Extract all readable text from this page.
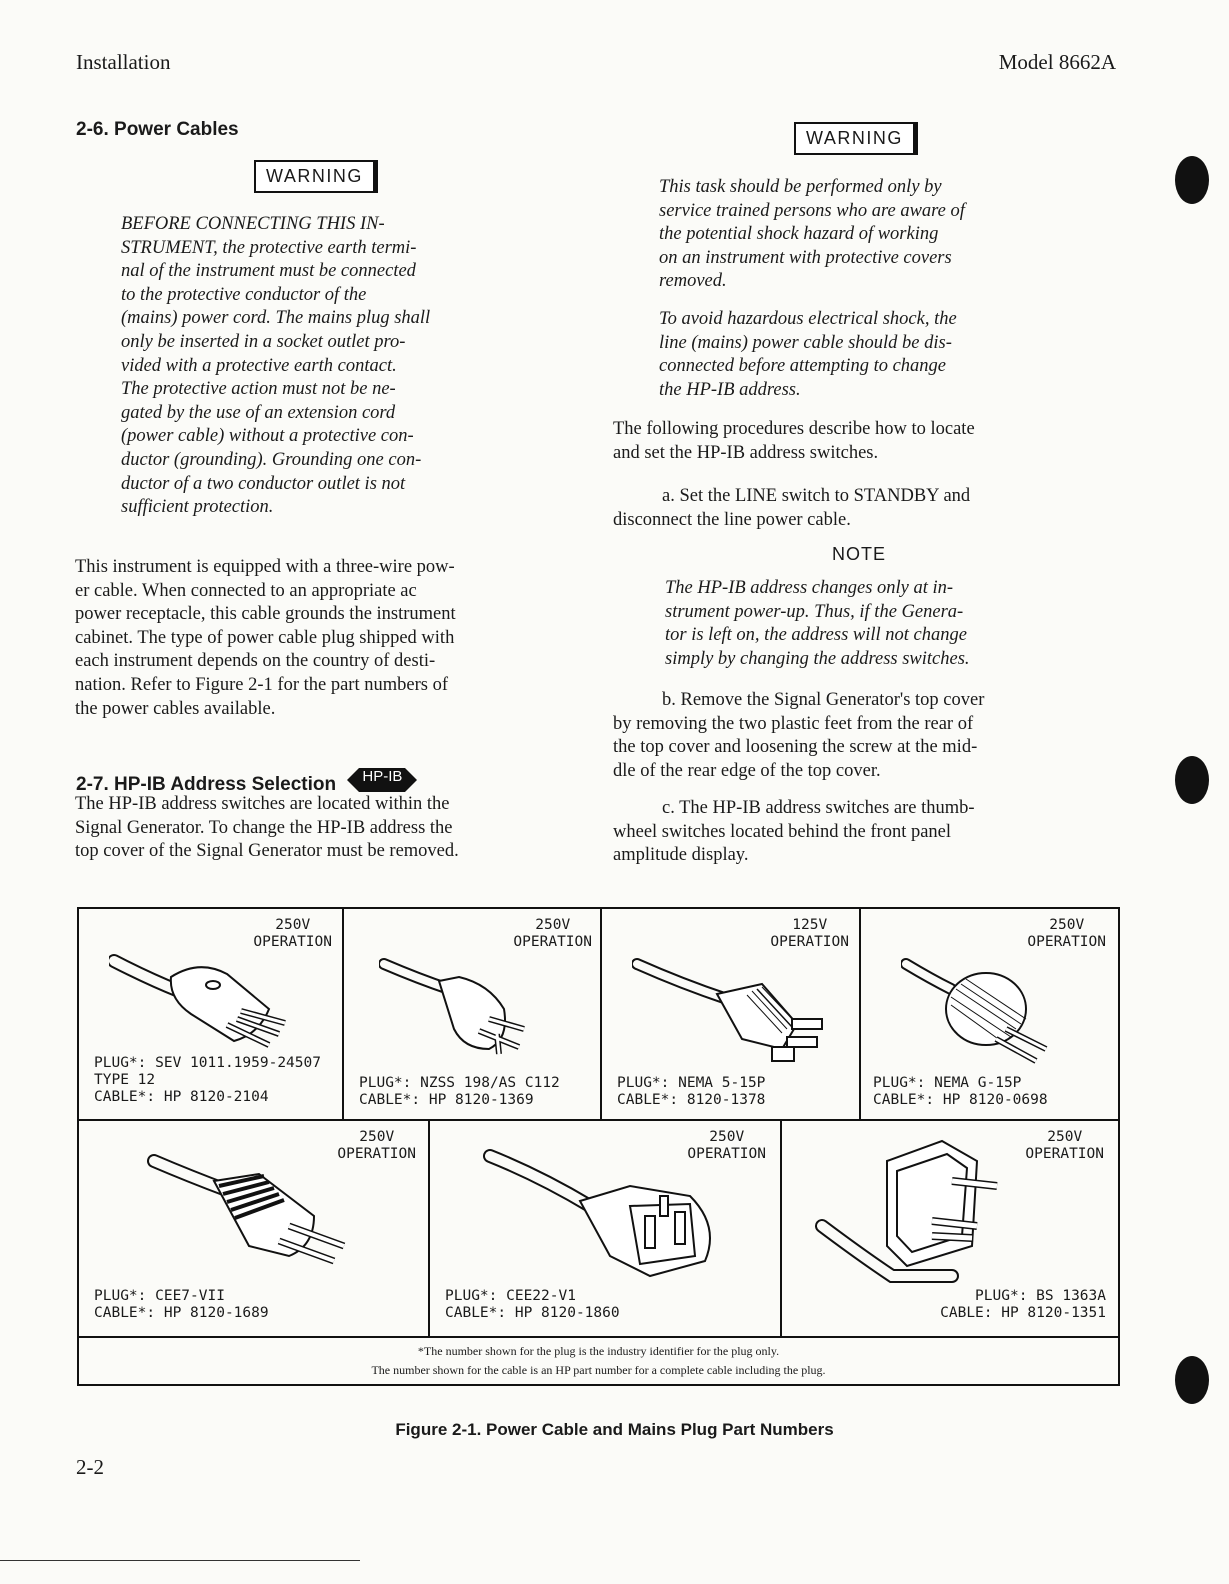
Installation	Model 8662A
2-6. Power Cables
WARNING
BEFORE CONNECTING THIS IN-
STRUMENT, the protective earth termi-
nal of the instrument must be connected
to the protective conductor of the
(mains) power cord. The mains plug shall
only be inserted in a socket outlet pro-
vided with a protective earth contact.
The protective action must not be ne-
gated by the use of an extension cord
(power cable) without a protective con-
ductor (grounding). Grounding one con-
ductor of a two conductor outlet is not
sufficient protection.
This instrument is equipped with a three-wire pow-
er cable. When connected to an appropriate ac
power receptacle, this cable grounds the instrument
cabinet. The type of power cable plug shipped with
each instrument depends on the country of desti-
nation. Refer to Figure 2-1 for the part numbers of
the power cables available.
2-7. HP-IB Address Selection	HP-IB
The HP-IB address switches are located within the
Signal Generator. To change the HP-IB address the
top cover of the Signal Generator must be removed.
WARNING
This task should be performed only by
service trained persons who are aware of
the potential shock hazard of working
on an instrument with protective covers
removed.
To avoid hazardous electrical shock, the
line (mains) power cable should be dis-
connected before attempting to change
the HP-IB address.
The following procedures describe how to locate
and set the HP-IB address switches.
a. Set the LINE switch to STANDBY and
disconnect the line power cable.
NOTE
The HP-IB address changes only at in-
strument power-up. Thus, if the Genera-
tor is left on, the address will not change
simply by changing the address switches.
b. Remove the Signal Generator's top cover
by removing the two plastic feet from the rear of
the top cover and loosening the screw at the mid-
dle of the rear edge of the top cover.
c. The HP-IB address switches are thumb-
wheel switches located behind the front panel
amplitude display.
250V
OPERATION
PLUG*: SEV 1011.1959-24507
TYPE 12
CABLE*: HP 8120-2104
250V
OPERATION
PLUG*: NZSS 198/AS C112
CABLE*: HP 8120-1369
125V
OPERATION
PLUG*: NEMA 5-15P
CABLE*: 8120-1378
250V
OPERATION
PLUG*: NEMA G-15P
CABLE*: HP 8120-0698
250V
OPERATION
PLUG*: CEE7-VII
CABLE*: HP 8120-1689
250V
OPERATION
PLUG*: CEE22-V1
CABLE*: HP 8120-1860
250V
OPERATION
PLUG*: BS 1363A
CABLE: HP 8120-1351
*The number shown for the plug is the industry identifier for the plug only.
The number shown for the cable is an HP part number for a complete cable including the plug.
Figure 2-1. Power Cable and Mains Plug Part Numbers
2-2
